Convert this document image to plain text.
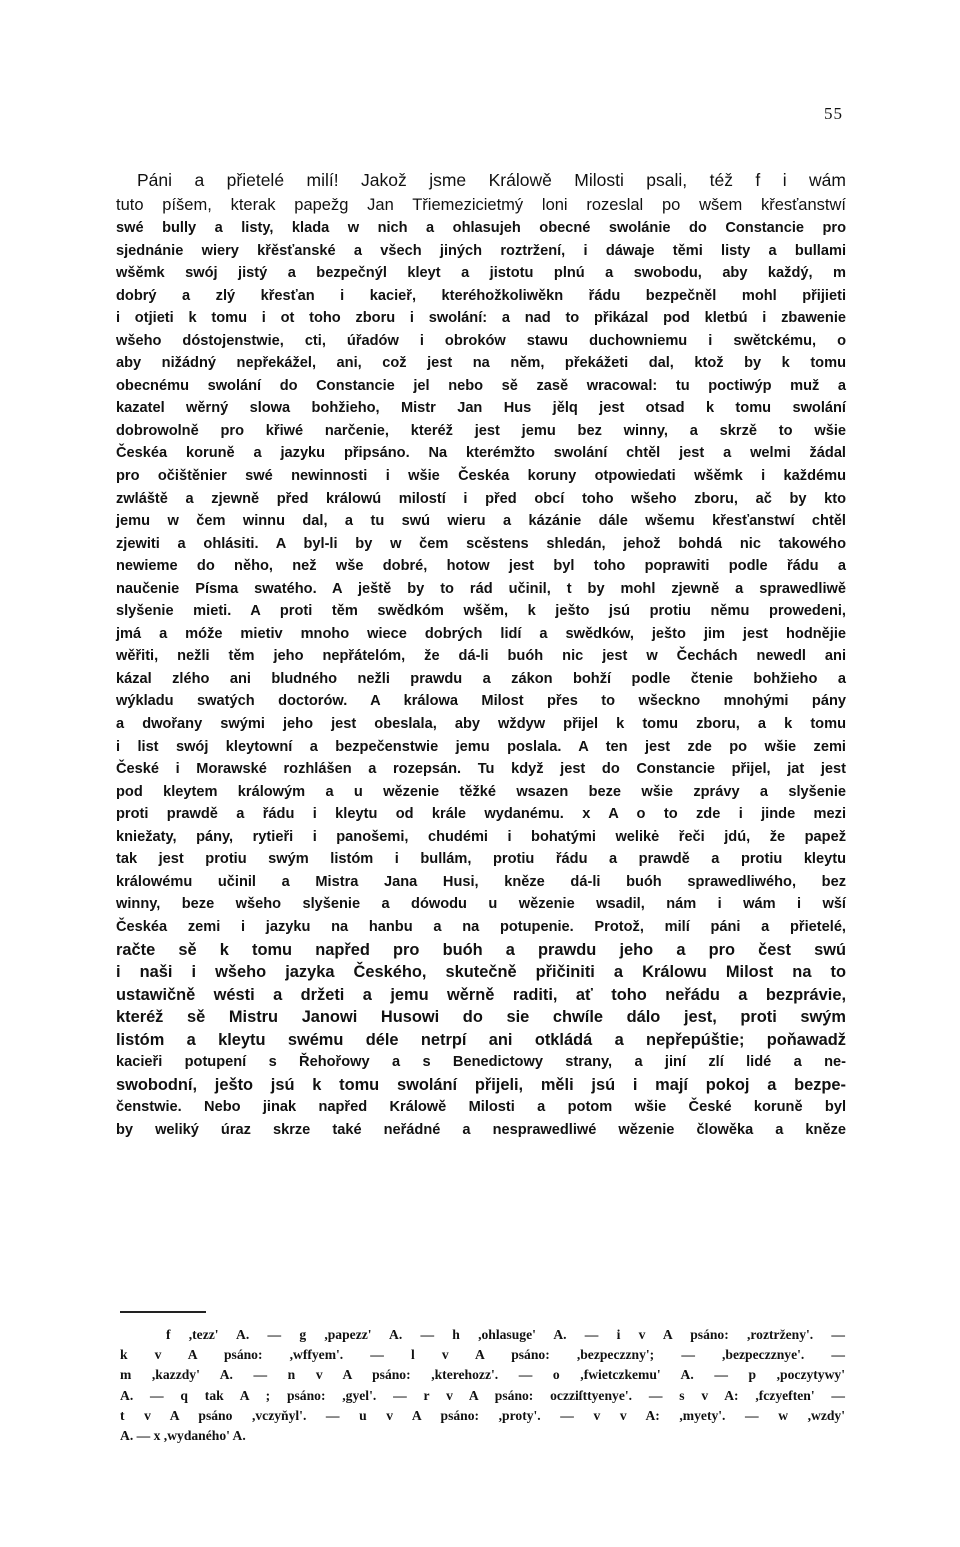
55
Páni a přietelé milí! Jakož jsme Králowě Milosti psali, též f i wám
tuto píšem, kterak papežg Jan Třiemezicietmý loni rozeslal po wšem křesťanstwí
swé bully a listy, klada w nich a ohlasujeh obecné swolánie do Constancie pro
sjednánie wiery křěsťanské a všech jiných roztržení, i dáwaje těmi listy a bullami
wšěmk swój jistý a bezpečnýl kleyt a jistotu plnú a swobodu, aby každý, m
dobrý a zlý křesťan i kacieř, kteréhožkoliwěkn řádu bezpečněl mohl přijieti
i otjieti k tomu i ot toho zboru i swolání: a nad to přikázal pod kletbú i zbawenie
wšeho dóstojenstwie, cti, úřadów i obroków stawu duchowniemu i swětckému, o
aby nižádný nepřekážel, ani, což jest na něm, překážeti dal, ktož by k tomu
obecnému swolání do Constancie jel nebo sě zasě wracowal: tu poctiwýp muž a
kazatel wěrný slowa bohžieho, Mistr Jan Hus jělq jest otsad k tomu swolání
dobrowolně pro křiwé narčenie, kteréž jest jemu bez winny, a skrzě to wšie
Českéa koruně a jazyku připsáno. Na kterémžto swolání chtěl jest a welmi žádal
pro očištěnier swé newinnosti i wšie Českéa koruny otpowiedati wšěmk i každému
zwláště a zjewně před králowú milostí i před obcí toho wšeho zboru, ač by kto
jemu w čem winnu dal, a tu swú wieru a kázánie dále wšemu křesťanstwí chtěl
zjewiti a ohlásiti. A byl-li by w čem scěstens shledán, jehož bohdá nic takowého
newieme do něho, než wše dobré, hotow jest byl toho poprawiti podle řádu a
naučenie Písma swatého. A ještě by to rád učinil, t by mohl zjewně a sprawedliwě
slyšenie mieti. A proti těm swědkóm wšěm, k ješto jsú protiu němu prowedeni,
jmá a móže mietiv mnoho wiece dobrých lidí a swědków, ješto jim jest hodnějie
wěřiti, nežli těm jeho nepřátelóm, že dá-li buóh nic jest w Čechách newedl ani
kázal zlého ani bludného nežli prawdu a zákon bohží podle čtenie bohžieho a
wýkladu swatých doctorów. A králowa Milost přes to wšecknо mnohými pány
a dwořany swými jeho jest obeslala, aby wždyw přijel k tomu zboru, a k tomu
i list swój kleytowní a bezpečenstwie jemu poslala. A ten jest zde po wšie zemi
České i Morawské rozhlášen a rozepsán. Tu když jest do Constancie přijel, jat jest
pod kleytem králowým a u wězenie těžké wsazen beze wšie zprávy a slyšenie
proti prawdě a řádu i kleytu od krále wydanému. x A o to zde i jinde mezi
kniežaty, pány, rytieři i panošemi, chudémi i bohatými welikė řeči jdú, že papež
tak jest protiu swým listóm i bullám, protiu řádu a prawdě a protiu kleytu
králowému učinil a Mistra Jana Husi, kněze dá-li buóh sprawedliwého, bez
winny, beze wšeho slyšenie a dówodu u wězenie wsadil, nám i wám i wší
Českéa zemi i jazyku na hanbu a na potupenie. Protož, milí páni a přietelé,
račte sě k tomu napřed pro buóh a prawdu jeho a pro čest swú
i naši i wšeho jazyka Českého, skutečně přičiniti a Králowu Milost na to
ustawičně wésti a držeti a jemu wěrně raditi, ať toho neřádu a bezprávie,
kteréž sě Mistru Janowi Husowi do sie chwíle dálo jest, proti swým
listóm a kleytu swému déle netrpí ani otkládá a nepřepúštie; poňawadž
kacieři potupení s Řehořowy a s Benedictowy strany, a jiní zlí lidé a ne-
swobodní, ješto jsú k tomu swolání přijeli, měli jsú i mají pokoj a bezpe-
čenstwie. Nebo jinak napřed Králowě Milosti a potom wšie České koruně byl
by weliký úraz skrze také neřádné a nesprawedliwé wězenie člowěka a kněze
f ,tezz' A. — g ,papezz' A. — h ,ohlasuge' A. — i v A psáno: ,roztrženy'. —
k v A psáno: ,wffyem'. — l v A psáno: ,bezpeczzny'; — ,bezpeczznye'. —
m ,kazzdy' A. — n v A psáno: ,kterehozz'. — o ,fwietczkemu' A. — p ,poczytywy'
A. — q tak A ; psáno: ,gyel'. — r v A psáno: oczziſttyenye'. — s v A: ,fczyeften' —
t v A psáno ,vczyňyl'. — u v A psáno: ,proty'. — v v A: ,myety'. — w ,wzdy'
A. — x ,wydaného' A.
